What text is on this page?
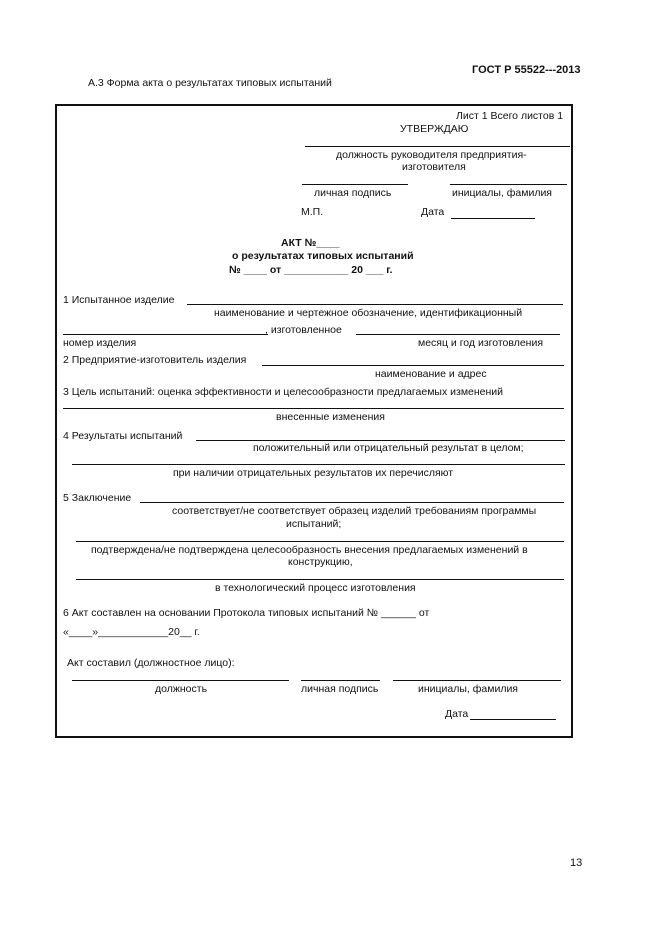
ГОСТ Р 55522---2013
А.3 Форма акта о результатах типовых испытаний
Лист 1 Всего листов 1
УТВЕРЖДАЮ
должность руководителя предприятия-
изготовителя
личная подпись	инициалы, фамилия
М.П.	Дата
АКТ №____
о результатах типовых испытаний
№ ____ от ___________ 20 ___ г.
1 Испытанное изделие
наименование и чертежное обозначение, идентификационный
, изготовленное
номер изделия	месяц и год изготовления
2 Предприятие-изготовитель изделия
наименование и адрес
3 Цель испытаний: оценка эффективности и целесообразности предлагаемых изменений
внесенные изменения
4 Результаты испытаний
положительный или отрицательный результат в целом;
при наличии отрицательных результатов их перечисляют
5 Заключение
соответствует/не соответствует образец изделий требованиям программы
испытаний;
подтверждена/не подтверждена целесообразность внесения предлагаемых изменений в
конструкцию,
в технологический процесс изготовления
6 Акт составлен на основании Протокола типовых испытаний № ______ от
«____»____________20__ г.
Акт составил (должностное лицо):
должность	личная подпись	инициалы, фамилия
Дата
13
